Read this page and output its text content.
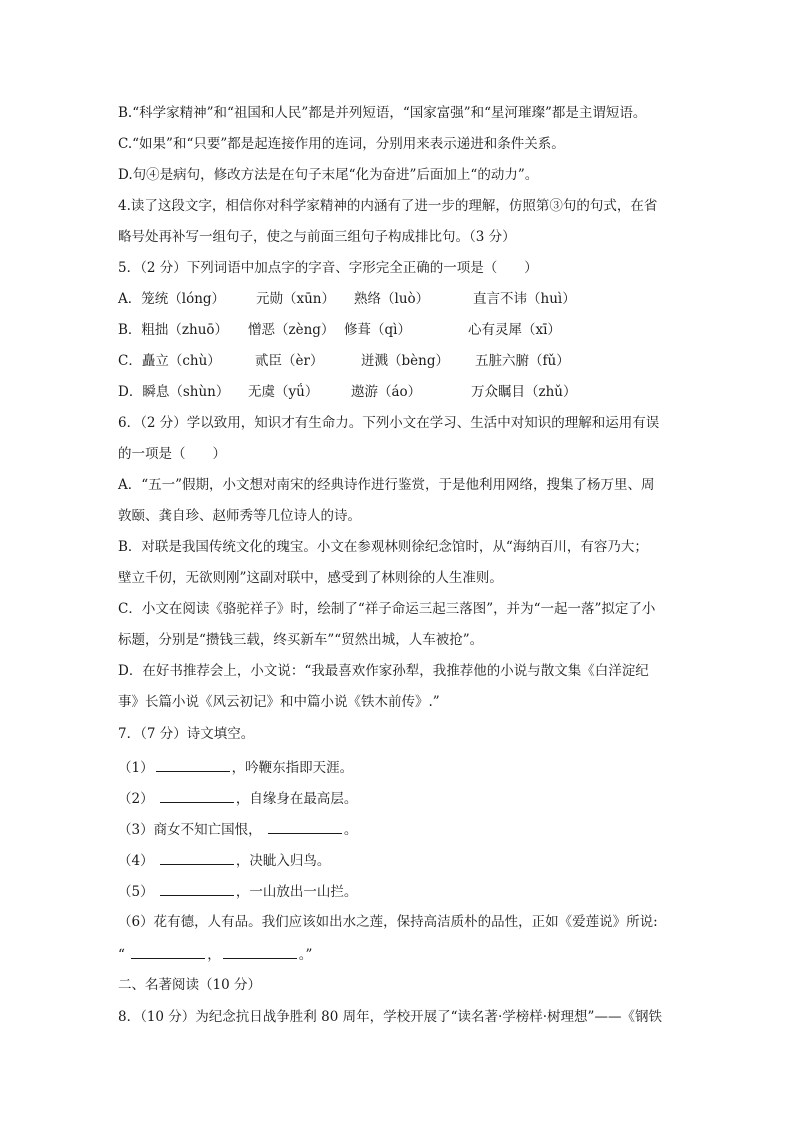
B.“科学家精神”和“祖国和人民”都是并列短语，“国家富强”和“星河璀璨”都是主谓短语。
C.“如果”和“只要”都是起连接作用的连词，分别用来表示递进和条件关系。
D.句④是病句，修改方法是在句子末尾“化为奋进”后面加上“的动力”。
4.读了这段文字，相信你对科学家精神的内涵有了进一步的理解，仿照第③句的句式，在省
略号处再补写一组句子，使之与前面三组句子构成排比句。（3 分）
5．（2 分）下列词语中加点字的字音、字形完全正确的一项是（　　）
A．笼统（lóng） 元勋（xūn） 熟络（luò）	直言不讳（huì）
B．粗拙（zhuō） 憎恶（zèng） 修葺（qì）	心有灵犀（xī）
C．矗立（chù）	贰臣（èr）	迸溅（bèng） 五脏六腑（fǔ）
D．瞬息（shùn） 无虞（yǘ） 遨游（áo）	万众瞩目（zhǔ）
6．（2 分）学以致用，知识才有生命力。下列小文在学习、生活中对知识的理解和运用有误
的一项是（　　）
A．“五一”假期，小文想对南宋的经典诗作进行鉴赏，于是他利用网络，搜集了杨万里、周
敦颐、龚自珍、赵师秀等几位诗人的诗。
B．对联是我国传统文化的瑰宝。小文在参观林则徐纪念馆时，从“海纳百川，有容乃大；
壁立千仞，无欲则刚”这副对联中，感受到了林则徐的人生准则。
C．小文在阅读《骆驼祥子》时，绘制了“祥子命运三起三落图”，并为“一起一落”拟定了小
标题，分别是“攒钱三载，终买新车”“贸然出城，人车被抢”。
D．在好书推荐会上，小文说：“我最喜欢作家孙犁，我推荐他的小说与散文集《白洋淀纪
事》长篇小说《风云初记》和中篇小说《铁木前传》.”
7．（7 分）诗文填空。
（1）	，吟鞭东指即天涯。
（2）	，自缘身在最高层。
（3）商女不知亡国恨，	。
（4）	，决眦入归鸟。
（5）	，一山放出一山拦。
（6）花有德，人有品。我们应该如出水之莲，保持高洁质朴的品性，正如《爱莲说》所说:
“	，	。”
二、名著阅读（10 分）
8．（10 分）为纪念抗日战争胜利 80 周年，学校开展了“读名著·学榜样·树理想”——《钢铁
